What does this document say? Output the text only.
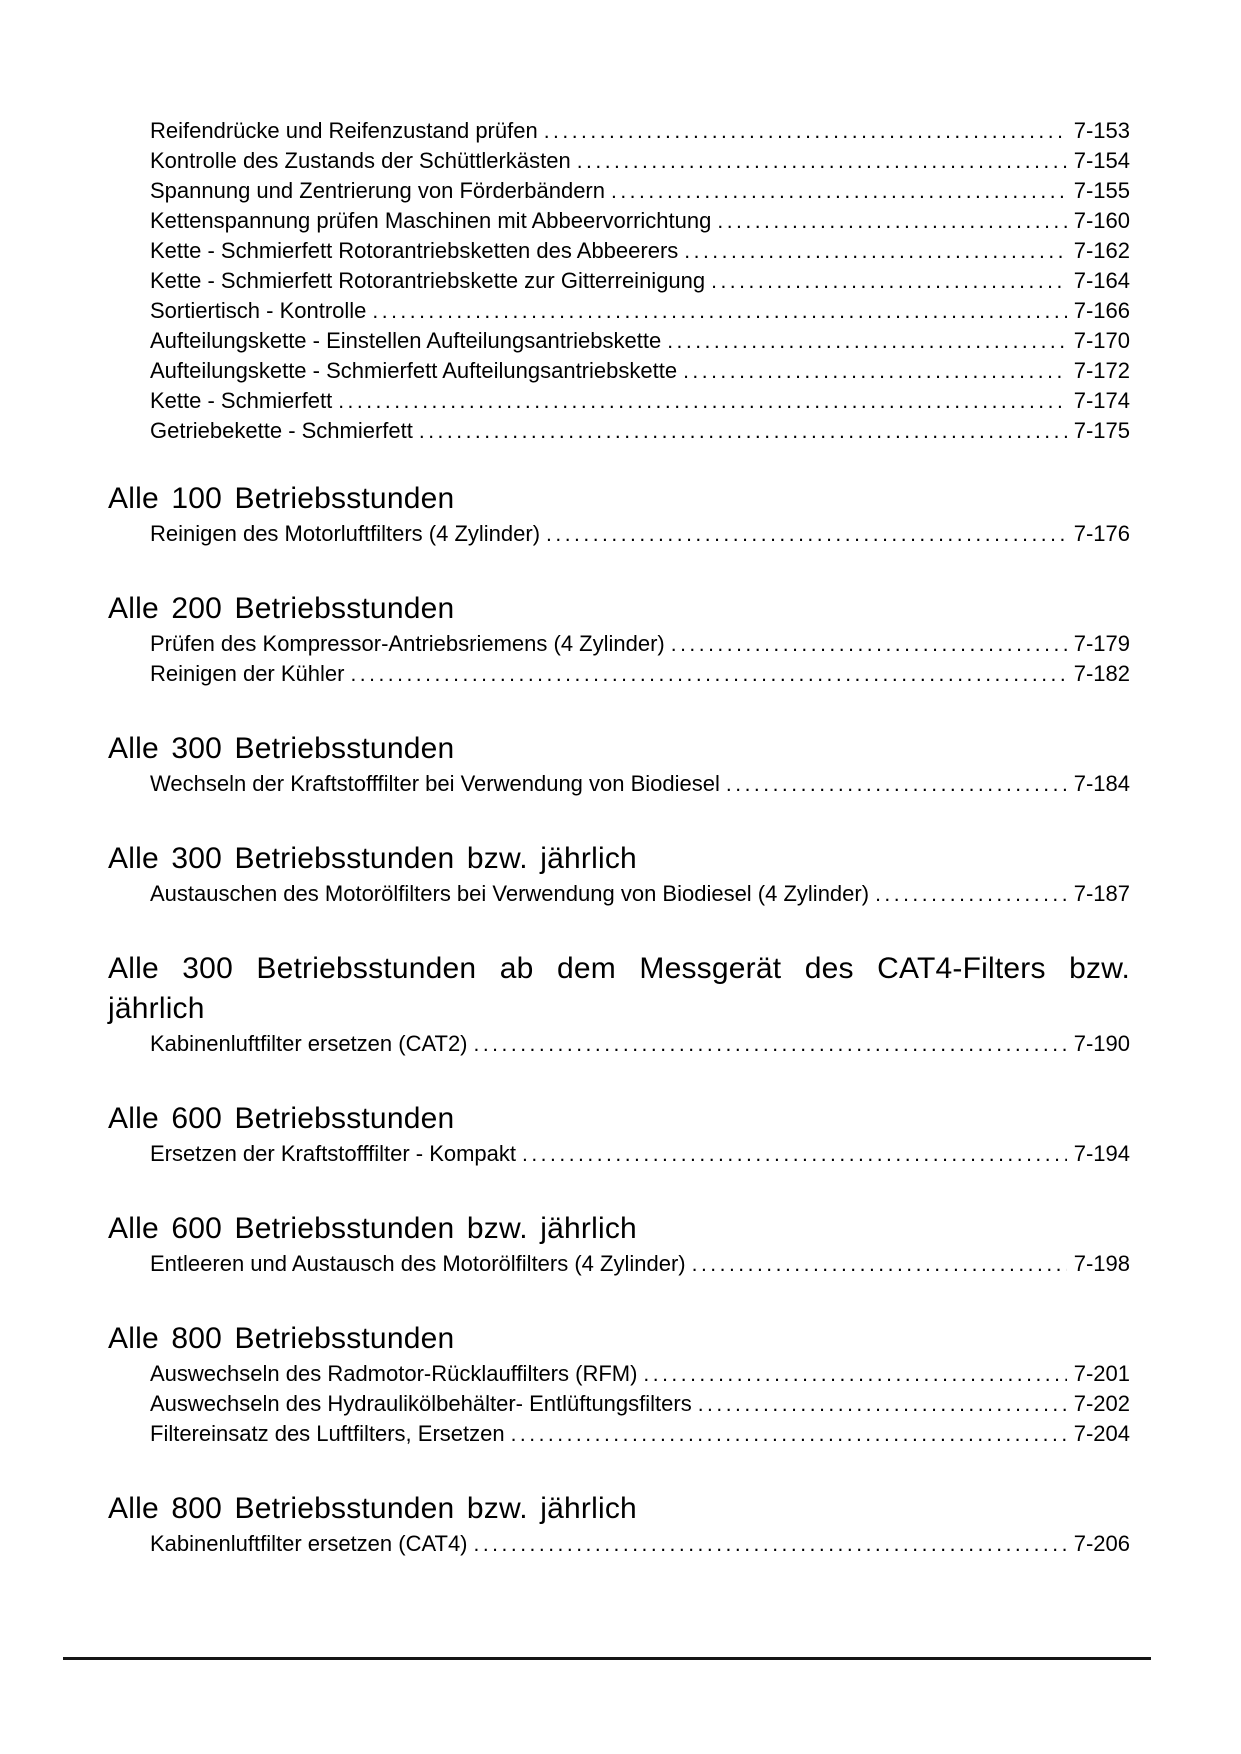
Reifendrücke und Reifenzustand prüfen .....	7-153
Kontrolle des Zustands der Schüttlerkästen .....	7-154
Spannung und Zentrierung von Förderbändern .....	7-155
Kettenspannung prüfen Maschinen mit Abbeervorrichtung .....	7-160
Kette - Schmierfett Rotorantriebsketten des Abbeerers .....	7-162
Kette - Schmierfett Rotorantriebskette zur Gitterreinigung .....	7-164
Sortiertisch - Kontrolle .....	7-166
Aufteilungskette - Einstellen Aufteilungsantriebskette .....	7-170
Aufteilungskette - Schmierfett Aufteilungsantriebskette .....	7-172
Kette - Schmierfett .....	7-174
Getriebekette - Schmierfett .....	7-175
Alle 100 Betriebsstunden
Reinigen des Motorluftfilters (4 Zylinder) .....	7-176
Alle 200 Betriebsstunden
Prüfen des Kompressor-Antriebsriemens (4 Zylinder) .....	7-179
Reinigen der Kühler .....	7-182
Alle 300 Betriebsstunden
Wechseln der Kraftstofffilter bei Verwendung von Biodiesel .....	7-184
Alle 300 Betriebsstunden bzw. jährlich
Austauschen des Motorölfilters bei Verwendung von Biodiesel (4 Zylinder) .....	7-187
Alle 300 Betriebsstunden ab dem Messgerät des CAT4-Filters bzw.
jährlich
Kabinenluftfilter ersetzen (CAT2) .....	7-190
Alle 600 Betriebsstunden
Ersetzen der Kraftstofffilter - Kompakt .....	7-194
Alle 600 Betriebsstunden bzw. jährlich
Entleeren und Austausch des Motorölfilters (4 Zylinder) .....	7-198
Alle 800 Betriebsstunden
Auswechseln des Radmotor-Rücklauffilters (RFM) .....	7-201
Auswechseln des Hydraulikölbehälter- Entlüftungsfilters .....	7-202
Filtereinsatz des Luftfilters, Ersetzen .....	7-204
Alle 800 Betriebsstunden bzw. jährlich
Kabinenluftfilter ersetzen (CAT4) .....	7-206
